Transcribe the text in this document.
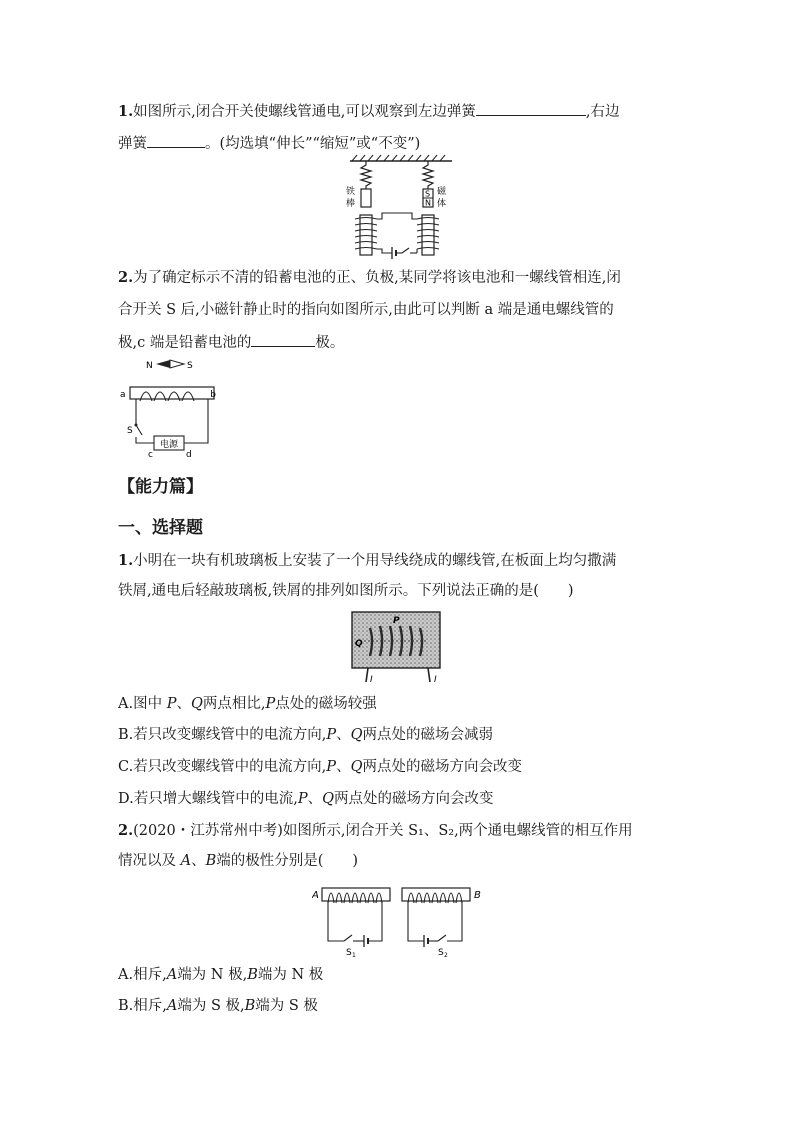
1.如图所示,闭合开关使螺线管通电,可以观察到左边弹簧	,右边
弹簧	。(均选填“伸长”“缩短”或“不变”)
铁
棒
S
N
磁
体
2.为了确定标示不清的铅蓄电池的正、负极,某同学将该电池和一螺线管相连,闭
合开关 S 后,小磁针静止时的指向如图所示,由此可以判断 a 端是通电螺线管的
极,c 端是铅蓄电池的	极。
N	S
a	b
S
电源
c	d
【能力篇】
一、选择题
1.小明在一块有机玻璃板上安装了一个用导线绕成的螺线管,在板面上均匀撒满
铁屑,通电后轻敲玻璃板,铁屑的排列如图所示。下列说法正确的是(　　)
P
Q
I	I
A.图中 P、Q两点相比,P点处的磁场较强
B.若只改变螺线管中的电流方向,P、Q两点处的磁场会减弱
C.若只改变螺线管中的电流方向,P、Q两点处的磁场方向会改变
D.若只增大螺线管中的电流,P、Q两点处的磁场方向会改变
2.(2020・江苏常州中考)如图所示,闭合开关 S₁、S₂,两个通电螺线管的相互作用
情况以及 A、B端的极性分别是(　　)
A	B
S 1	S 2
A.相斥,A端为 N 极,B端为 N 极
B.相斥,A端为 S 极,B端为 S 极
